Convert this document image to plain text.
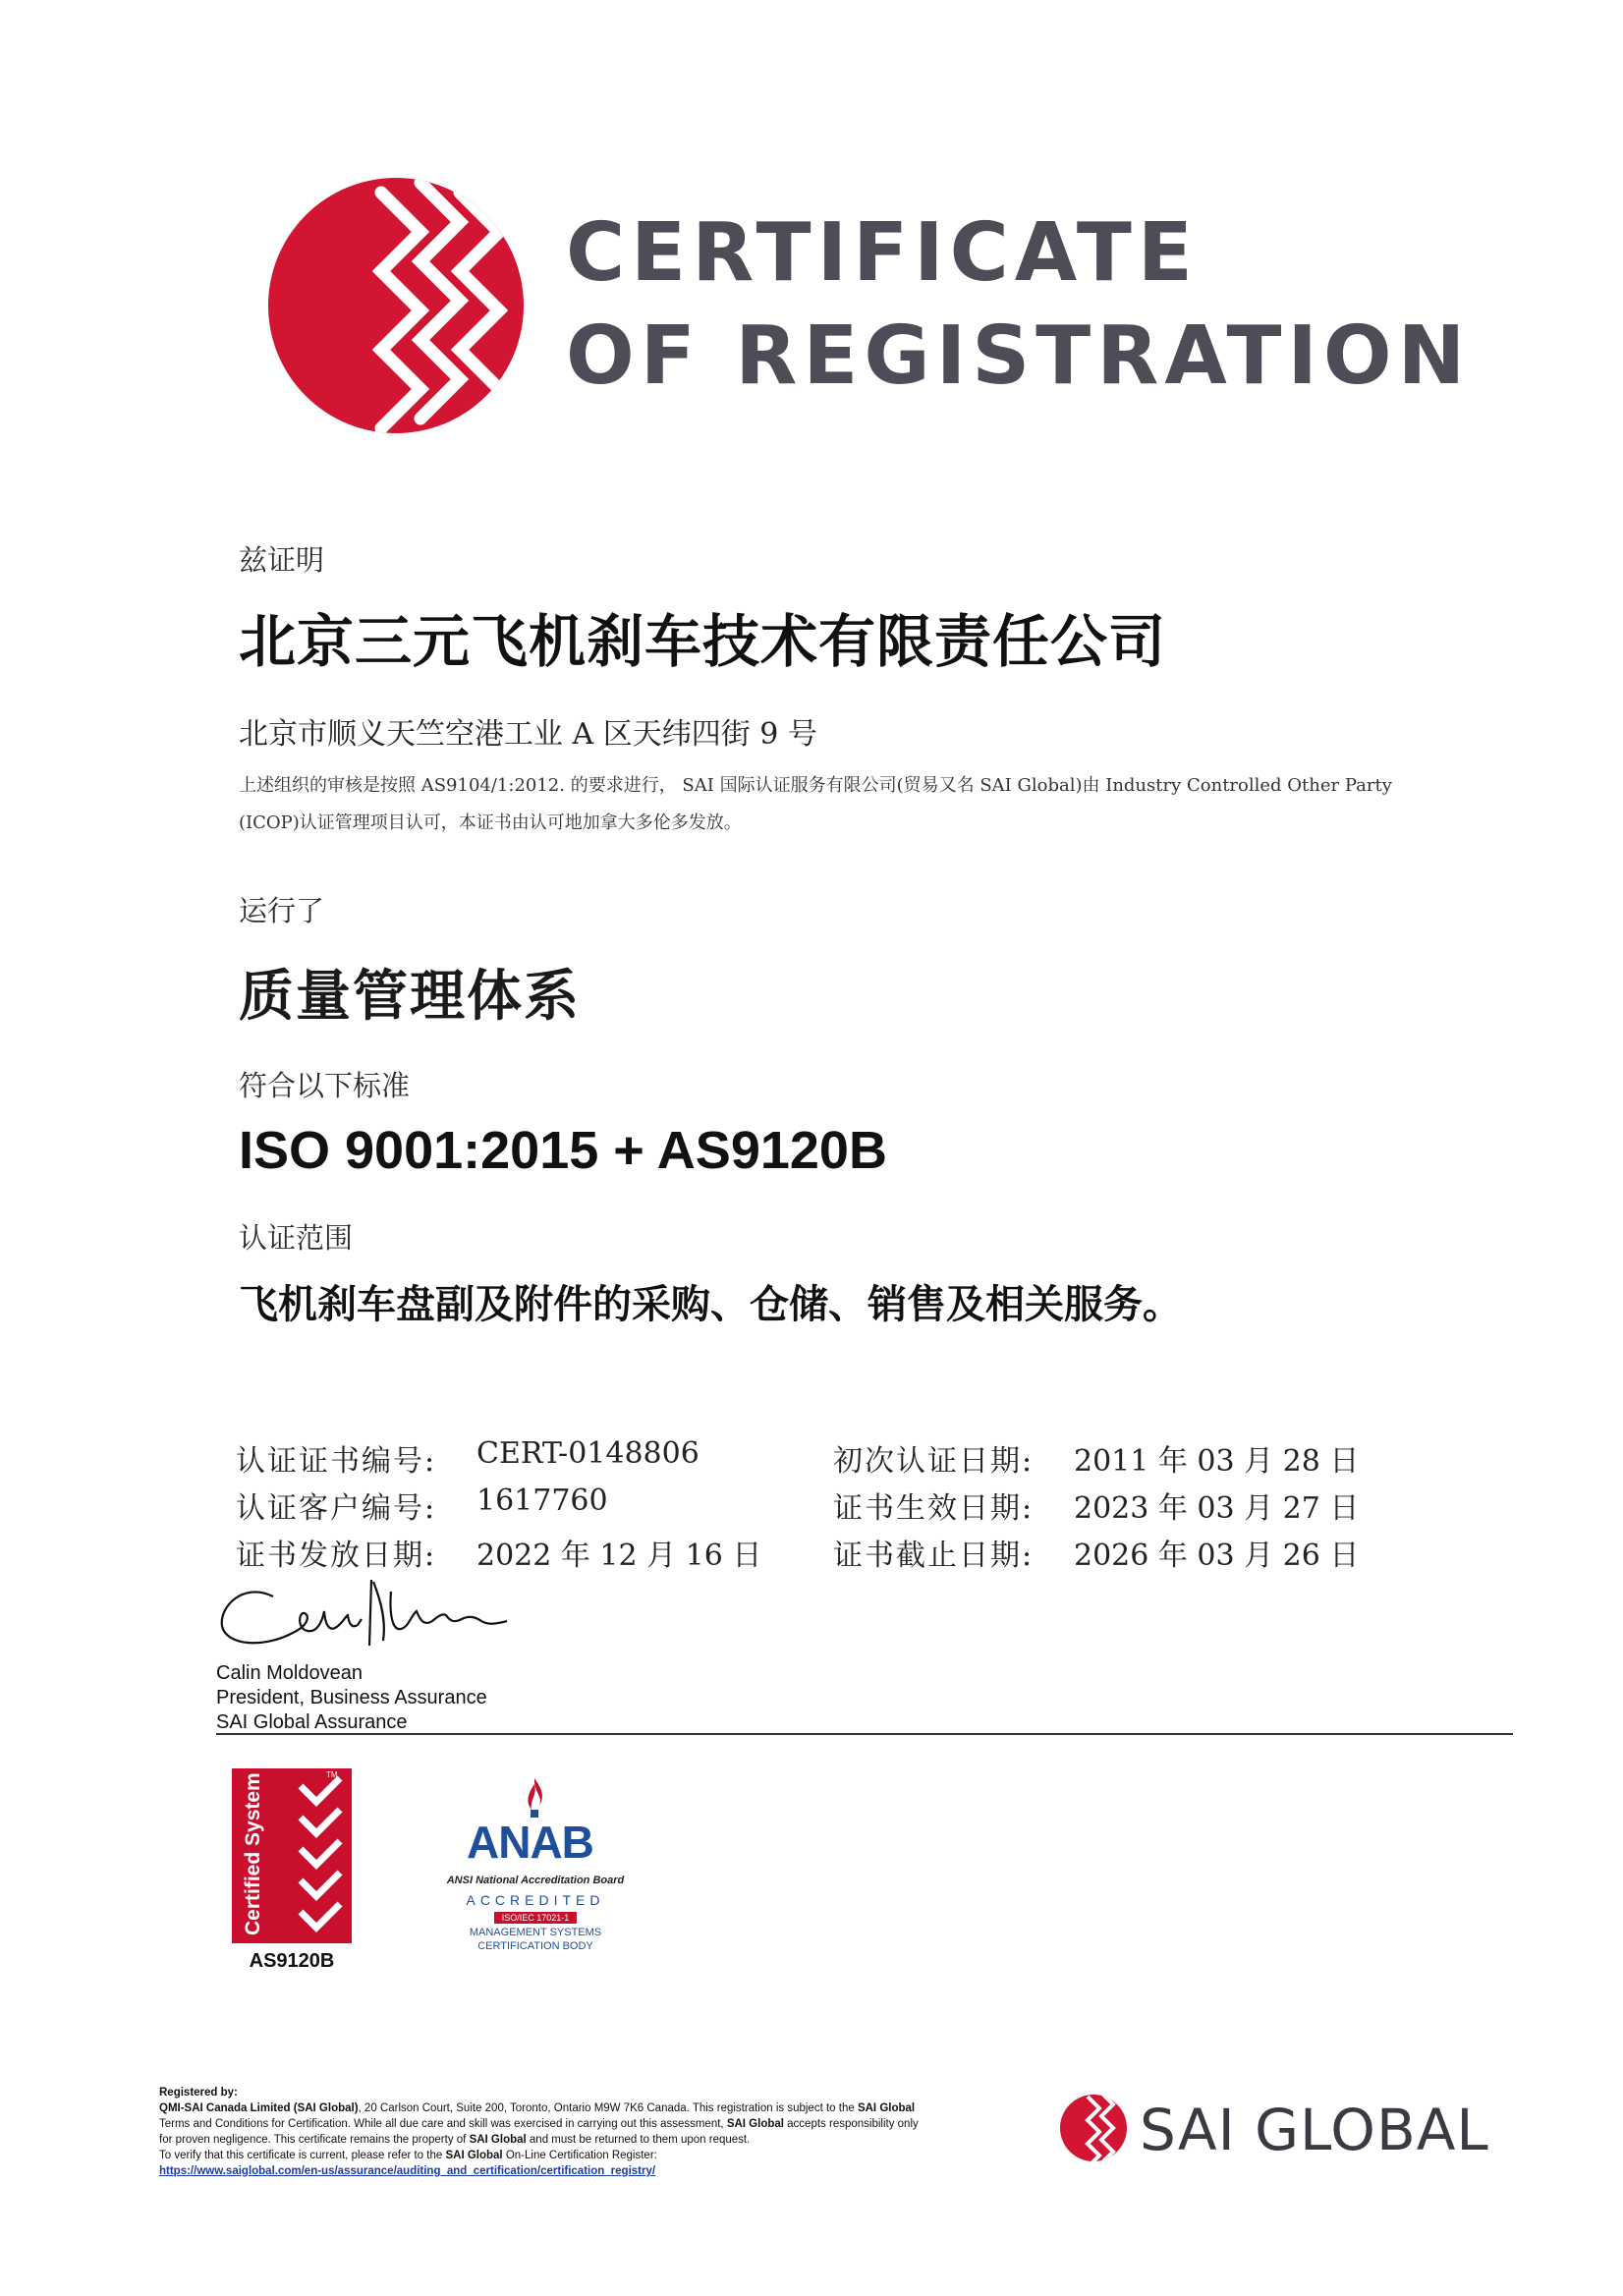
CERTIFICATE
OF REGISTRATION
兹证明
北京三元飞机刹车技术有限责任公司
北京市顺义天竺空港工业 A 区天纬四街 9 号
上述组织的审核是按照 AS9104/1:2012. 的要求进行， SAI 国际认证服务有限公司(贸易又名 SAI Global)由 Industry Controlled Other Party
(ICOP)认证管理项目认可，本证书由认可地加拿大多伦多发放。
运行了
质量管理体系
符合以下标准
ISO 9001:2015 + AS9120B
认证范围
飞机刹车盘副及附件的采购、仓储、销售及相关服务。
认证证书编号: CERT-0148806
认证客户编号: 1617760
证书发放日期: 2022 年 12 月 16 日
初次认证日期: 2011 年 03 月 28 日
证书生效日期: 2023 年 03 月 27 日
证书截止日期: 2026 年 03 月 26 日
Calin Moldovean
President, Business Assurance
SAI Global Assurance
Certified System	TM
AS9120B
ANAB
ANSI National Accreditation Board
ACCREDITED
ISO/IEC 17021-1
MANAGEMENT SYSTEMS
CERTIFICATION BODY
Registered by:
QMI-SAI Canada Limited (SAI Global), 20 Carlson Court, Suite 200, Toronto, Ontario M9W 7K6 Canada. This registration is subject to the SAI Global
Terms and Conditions for Certification. While all due care and skill was exercised in carrying out this assessment, SAI Global accepts responsibility only
for proven negligence. This certificate remains the property of SAI Global and must be returned to them upon request.
To verify that this certificate is current, please refer to the SAI Global On-Line Certification Register:
https://www.saiglobal.com/en-us/assurance/auditing_and_certification/certification_registry/
SAI GLOBAL
